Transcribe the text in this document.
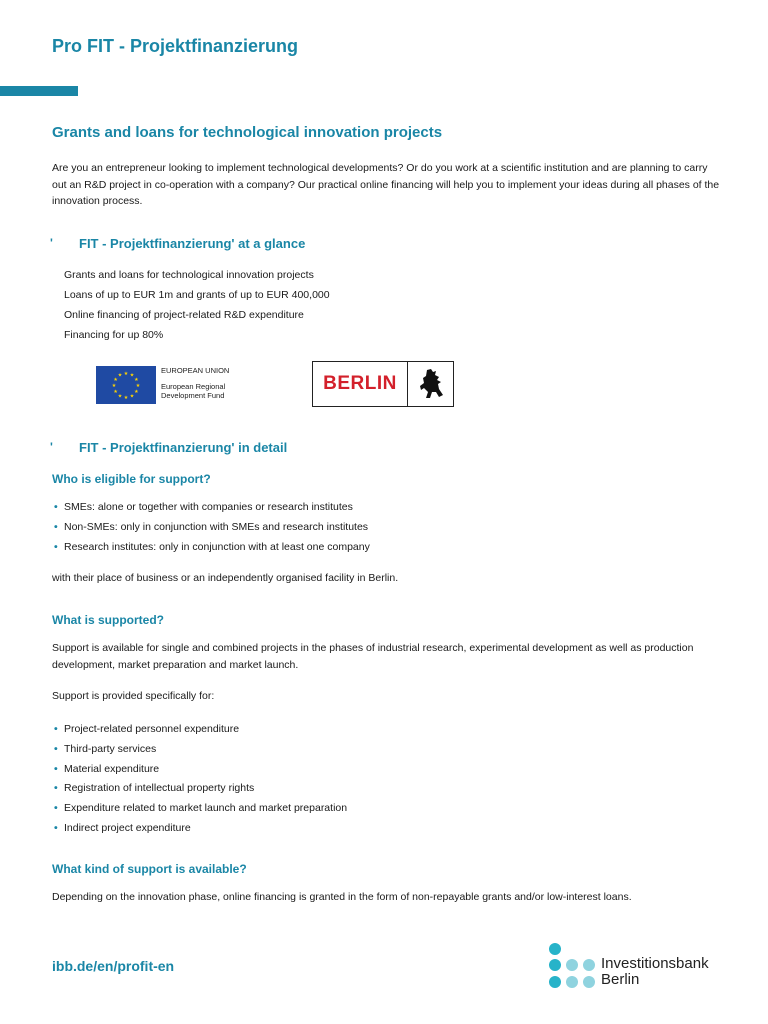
Pro FIT - Projektfinanzierung
Grants and loans for technological innovation projects
Are you an entrepreneur looking to implement technological developments? Or do you work at a scientific institution and are planning to carry out an R&D project in co-operation with a company? Our practical online financing will help you to implement your ideas during all phases of the innovation process.
' FIT - Projektfinanzierung' at a glance
Grants and loans for technological innovation projects
Loans of up to EUR 1m and grants of up to EUR 400,000
Online financing of project-related R&D expenditure
Financing for up 80%
★
★
★
★
★
★
★
★
★ ★ ★
★
EUROPEAN UNION
European Regional
Development Fund
BERLIN
' FIT - Projektfinanzierung' in detail
Who is eligible for support?
• SMEs: alone or together with companies or research institutes
• Non-SMEs: only in conjunction with SMEs and research institutes
• Research institutes: only in conjunction with at least one company
with their place of business or an independently organised facility in Berlin.
What is supported?
Support is available for single and combined projects in the phases of industrial research, experimental development as well as production development, market preparation and market launch.
Support is provided specifically for:
• Project-related personnel expenditure
• Third-party services
• Material expenditure
• Registration of intellectual property rights
• Expenditure related to market launch and market preparation
• Indirect project expenditure
What kind of support is available?
Depending on the innovation phase, online financing is granted in the form of non-repayable grants and/or low-interest loans.
ibb.de/en/profit-en	Investitionsbank
Berlin
